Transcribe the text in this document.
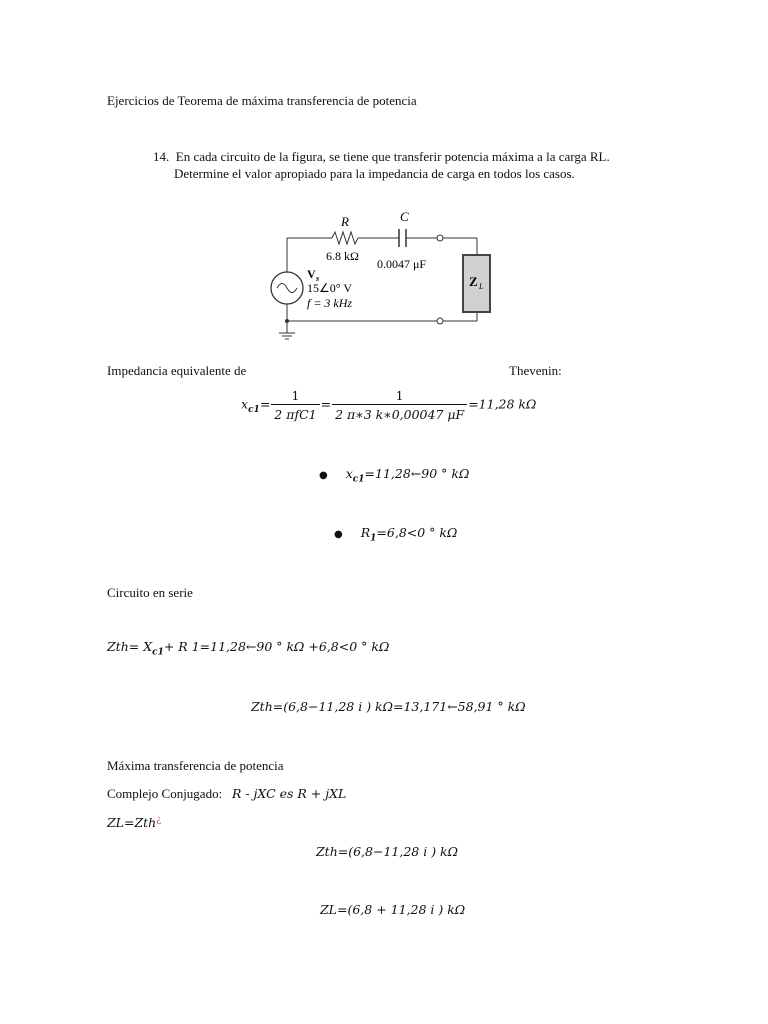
Ejercicios de Teorema de máxima transferencia de potencia
14. En cada circuito de la figura, se tiene que transferir potencia máxima a la carga RL.
Determine el valor apropiado para la impedancia de carga en todos los casos.
R
6.8 kΩ
C
0.0047 μF
V s
15∠0° V
f = 3 kHz
Z L
Impedancia equivalente de	Thevenin:
$x_{c1}= \frac{1}{\text{2 πfC1}} = \frac{1}{2 \pi∗3 k∗0,00047 \mu F} =11,28$ kΩ
● $x_{c1}=11,28\leftarrow 90$ ° kΩ
● $R_1=6,8<0$ ° kΩ
Circuito en serie
$Zth= X_{c1}+ R$ 1=11,28←90 ° kΩ +6,8<0 ° kΩ
Zth=(6,8−11,28 i ) kΩ=13,171←58,91 ° kΩ
Máxima transferencia de potencia
Complejo Conjugado: R - jXC es R + jXL
ZL=Zth¿
Zth=(6,8−11,28 i ) kΩ
ZL=(6,8 + 11,28 i ) kΩ
